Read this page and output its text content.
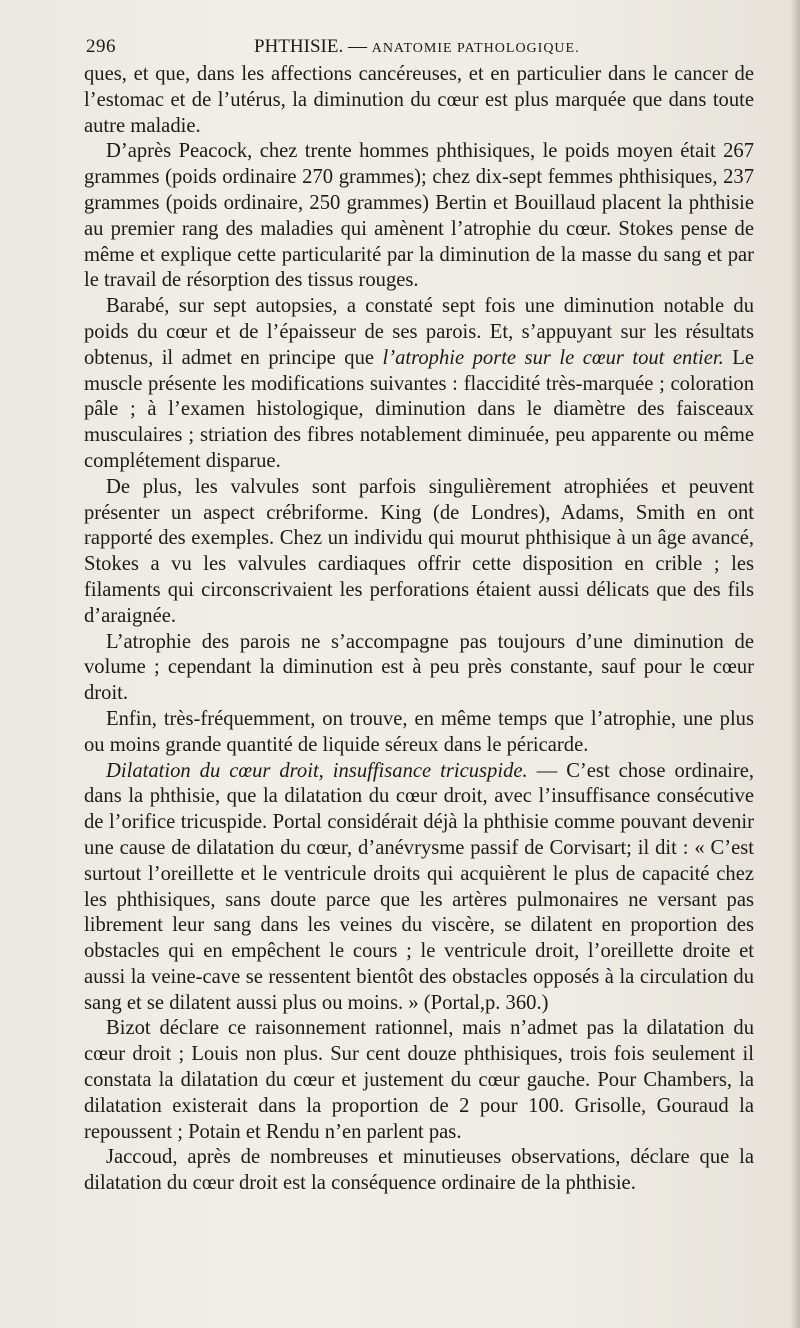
296	PHTHISIE. — ANATOMIE PATHOLOGIQUE.

ques, et que, dans les affections cancéreuses, et en particulier dans le cancer de l’estomac et de l’utérus, la diminution du cœur est plus marquée que dans toute autre maladie.

D’après Peacock, chez trente hommes phthisiques, le poids moyen était 267 grammes (poids ordinaire 270 grammes); chez dix-sept femmes phthisiques, 237 grammes (poids ordinaire, 250 grammes) Bertin et Bouillaud placent la phthisie au premier rang des maladies qui amènent l’atrophie du cœur. Stokes pense de même et explique cette particularité par la diminution de la masse du sang et par le travail de résorption des tissus rouges.

Barabé, sur sept autopsies, a constaté sept fois une diminution notable du poids du cœur et de l’épaisseur de ses parois. Et, s’appuyant sur les résultats obtenus, il admet en principe que l’atrophie porte sur le cœur tout entier. Le muscle présente les modifications suivantes : flaccidité très-marquée ; coloration pâle ; à l’examen histologique, diminution dans le diamètre des faisceaux musculaires ; striation des fibres notablement diminuée, peu apparente ou même complétement disparue.

De plus, les valvules sont parfois singulièrement atrophiées et peuvent présenter un aspect crébriforme. King (de Londres), Adams, Smith en ont rapporté des exemples. Chez un individu qui mourut phthisique à un âge avancé, Stokes a vu les valvules cardiaques offrir cette disposition en crible ; les filaments qui circonscrivaient les perforations étaient aussi délicats que des fils d’araignée.

L’atrophie des parois ne s’accompagne pas toujours d’une diminution de volume ; cependant la diminution est à peu près constante, sauf pour le cœur droit.

Enfin, très-fréquemment, on trouve, en même temps que l’atrophie, une plus ou moins grande quantité de liquide séreux dans le péricarde.

Dilatation du cœur droit, insuffisance tricuspide. — C’est chose ordinaire, dans la phthisie, que la dilatation du cœur droit, avec l’insuffisance consécutive de l’orifice tricuspide. Portal considérait déjà la phthisie comme pouvant devenir une cause de dilatation du cœur, d’anévrysme passif de Corvisart; il dit : « C’est surtout l’oreillette et le ventricule droits qui acquièrent le plus de capacité chez les phthisiques, sans doute parce que les artères pulmonaires ne versant pas librement leur sang dans les veines du viscère, se dilatent en proportion des obstacles qui en empêchent le cours ; le ventricule droit, l’oreillette droite et aussi la veine-cave se ressentent bientôt des obstacles opposés à la circulation du sang et se dilatent aussi plus ou moins. » (Portal,p. 360.)

Bizot déclare ce raisonnement rationnel, mais n’admet pas la dilatation du cœur droit ; Louis non plus. Sur cent douze phthisiques, trois fois seulement il constata la dilatation du cœur et justement du cœur gauche. Pour Chambers, la dilatation existerait dans la proportion de 2 pour 100. Grisolle, Gouraud la repoussent ; Potain et Rendu n’en parlent pas.

Jaccoud, après de nombreuses et minutieuses observations, déclare que la dilatation du cœur droit est la conséquence ordinaire de la phthisie.
